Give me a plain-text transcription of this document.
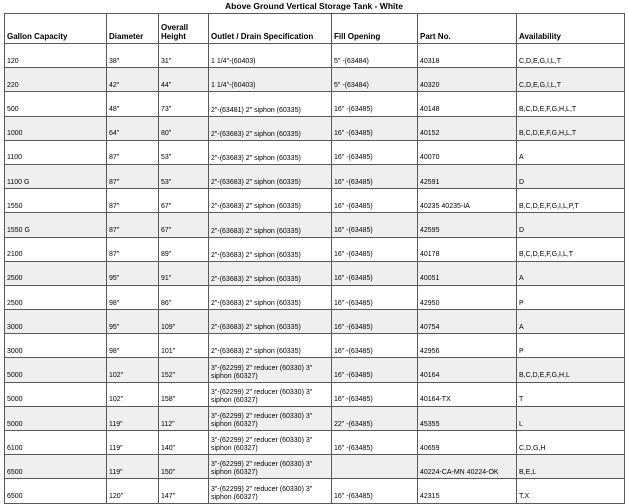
Above Ground Vertical Storage Tank - White
Gallon Capacity	Diameter	Overall Height	Outlet / Drain Specification	Fill Opening	Part No.	Availability
120	38"	31"	1 1/4"-(60403)	5" -(63484)	40318	C,D,E,G,I,L,T
220	42"	44"	1 1/4"-(60403)	5" -(63484)	40320	C,D,E,G,I,L,T
500	48"	73"	2"-(63481) 2" siphon (60335)	16" -(63485)	40148	B,C,D,E,F,G,H,L,T
1000	64"	80"	2"-(63683) 2" siphon (60335)	16" -(63485)	40152	B,C,D,E,F,G,H,L,T
1100	87"	53"	2"-(63683) 2" siphon (60335)	16" -(63485)	40070	A
1100 G	87"	53"	2"-(63683) 2" siphon (60335)	16" -(63485)	42591	D
1550	87"	67"	2"-(63683) 2" siphon (60335)	16" -(63485)	40235 40235-IA	B,C,D,E,F,G,I,L,P,T
1550 G	87"	67"	2"-(63683) 2" siphon (60335)	16" -(63485)	42595	D
2100	87"	89"	2"-(63683) 2" siphon (60335)	16" -(63485)	40178	B,C,D,E,F,G,I,L,T
2500	95"	91"	2"-(63683) 2" siphon (60335)	16" -(63485)	40051	A
2500	98"	86"	2"-(63683) 2" siphon (60335)	16" -(63485)	42950	P
3000	95"	109"	2"-(63683) 2" siphon (60335)	16" -(63485)	40754	A
3000	98"	101"	2"-(63683) 2" siphon (60335)	16" -(63485)	42956	P
5000	102"	152"	3"-(62299) 2" reducer (60330) 3" siphon (60327)	16" -(63485)	40164	B,C,D,E,F,G,H,L
5000	102"	158"	3"-(62299) 2" reducer (60330) 3" siphon (60327)	16" -(63485)	40164-TX	T
5000	119"	112"	3"-(62299) 2" reducer (60330) 3" siphon (60327)	22" -(63485)	45355	L
6100	119"	140"	3"-(62299) 2" reducer (60330) 3" siphon (60327)	16" -(63485)	40659	C,D,G,H
6500	119"	150"	3"-(62299) 2" reducer (60330) 3" siphon (60327)		40224-CA-MN 40224-OK	B,E,L
6500	120"	147"	3"-(62299) 2" reducer (60330) 3" siphon (60327)	16" -(63485)	42315	T,X
